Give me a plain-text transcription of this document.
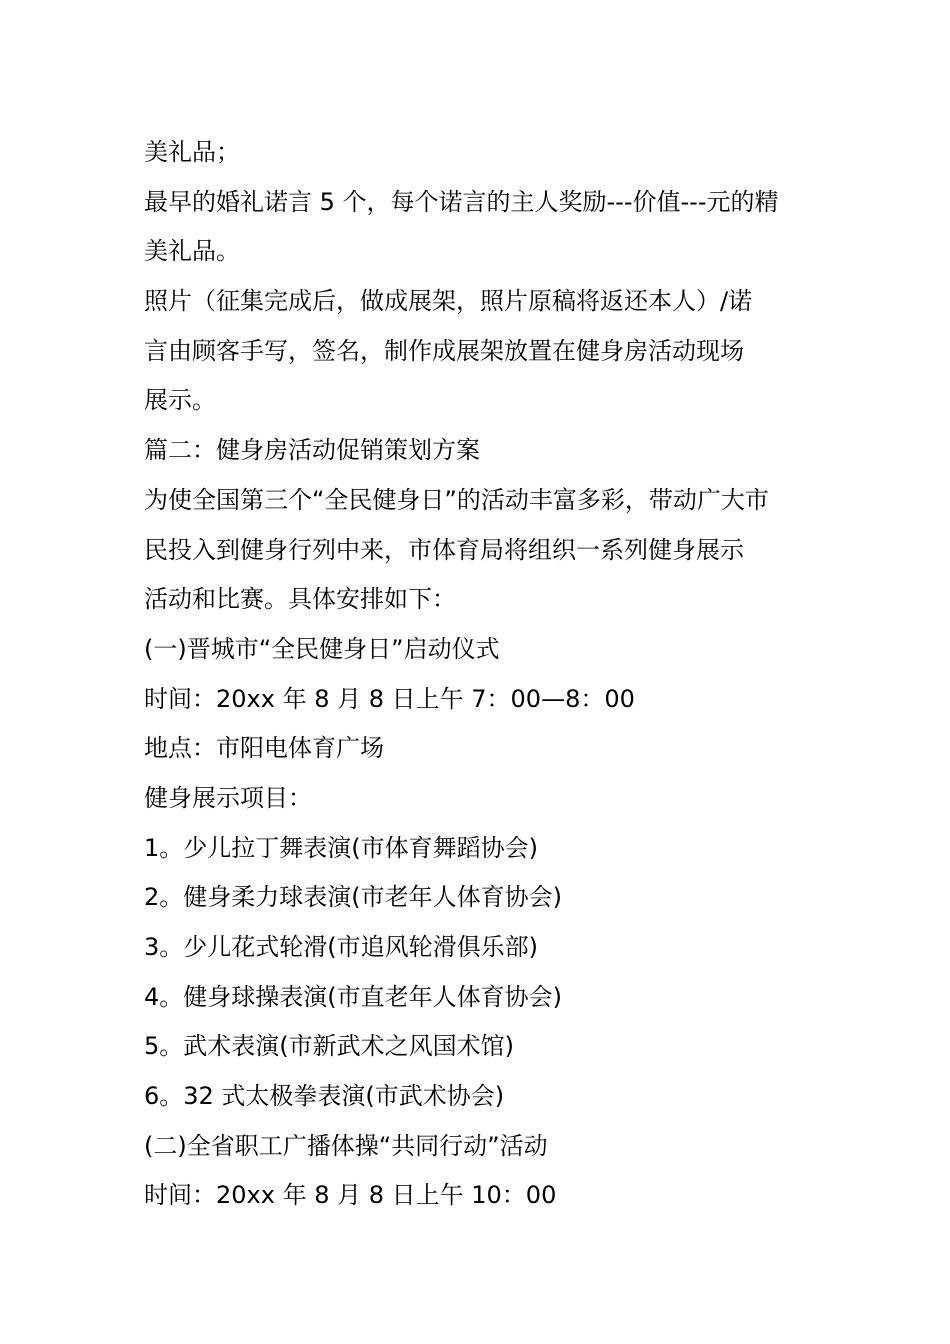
美礼品；
最早的婚礼诺言 5 个，每个诺言的主人奖励---价值---元的精
美礼品。
照片（征集完成后，做成展架，照片原稿将返还本人）/诺
言由顾客手写，签名，制作成展架放置在健身房活动现场
展示。
篇二：健身房活动促销策划方案
为使全国第三个“全民健身日”的活动丰富多彩，带动广大市
民投入到健身行列中来，市体育局将组织一系列健身展示
活动和比赛。具体安排如下：
(一)晋城市“全民健身日”启动仪式
时间：20xx 年 8 月 8 日上午 7：00—8：00
地点：市阳电体育广场
健身展示项目：
1。少儿拉丁舞表演(市体育舞蹈协会)
2。健身柔力球表演(市老年人体育协会)
3。少儿花式轮滑(市追风轮滑俱乐部)
4。健身球操表演(市直老年人体育协会)
5。武术表演(市新武术之风国术馆)
6。32 式太极拳表演(市武术协会)
(二)全省职工广播体操“共同行动”活动
时间：20xx 年 8 月 8 日上午 10：00
